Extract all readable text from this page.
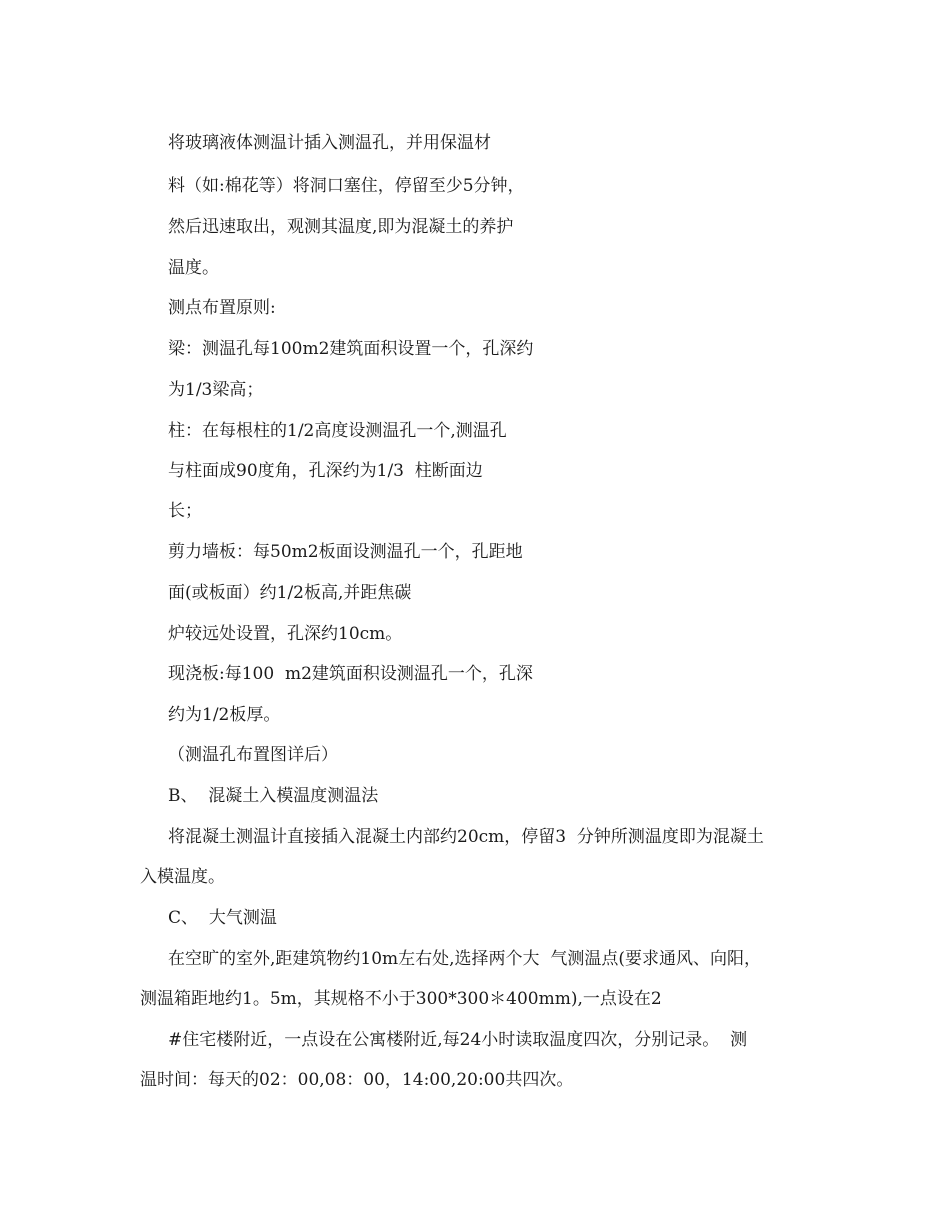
将玻璃液体测温计插入测温孔，并用保温材
料（如:棉花等）将洞口塞住，停留至少5分钟，
然后迅速取出，观测其温度,即为混凝土的养护
温度。
测点布置原则:
梁：测温孔每100m2建筑面积设置一个，孔深约
为1/3梁高；
柱：在每根柱的1/2高度设测温孔一个,测温孔
与柱面成90度角，孔深约为1/3  柱断面边
长；
剪力墙板：每50m2板面设测温孔一个，孔距地
面(或板面）约1/2板高,并距焦碳
炉较远处设置，孔深约10cm。
现浇板:每100  m2建筑面积设测温孔一个，孔深
约为1/2板厚。
（测温孔布置图详后）
B、  混凝土入模温度测温法
将混凝土测温计直接插入混凝土内部约20cm，停留3  分钟所测温度即为混凝土
入模温度。
C、  大气测温
在空旷的室外,距建筑物约10m左右处,选择两个大  气测温点(要求通风、向阳，
测温箱距地约1。5m，其规格不小于300*300＊400mm),一点设在2
#住宅楼附近，一点设在公寓楼附近,每24小时读取温度四次，分别记录。  测
温时间：每天的02：00,08：00，14:00,20:00共四次。
